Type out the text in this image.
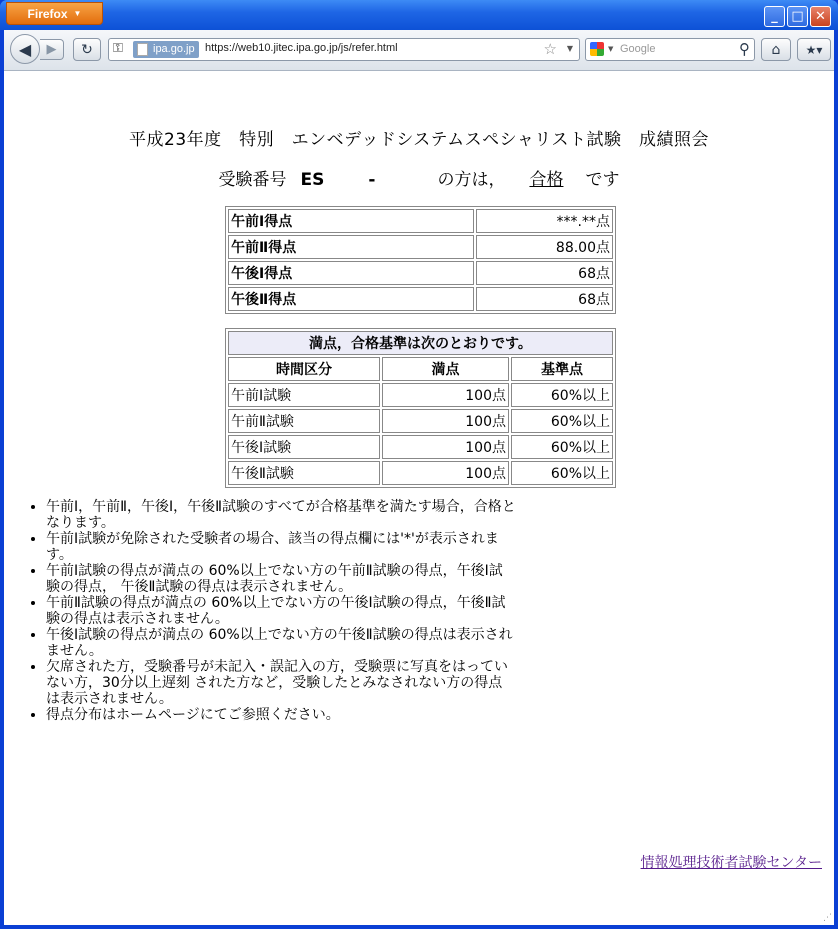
Firefox ▼	_	□ ✕
◀ ▶ ↻ ⚿	ipa.go.jp https://web10.jitec.ipa.go.jp/js/refer.html	☆ ▼	▼ Google	⚲ ⌂ ★▾
平成23年度　特別　エンベデッドシステムスペシャリスト試験　成績照会
受験番号 ES	-	の方は， 合格 です
午前Ⅰ得点	***.**点
午前Ⅱ得点	88.00点
午後Ⅰ得点	68点
午後Ⅱ得点	68点
満点，合格基準は次のとおりです。		
時間区分	満点	基準点
午前Ⅰ試験	100点	60%以上
午前Ⅱ試験	100点	60%以上
午後Ⅰ試験	100点	60%以上
午後Ⅱ試験	100点	60%以上
• 午前Ⅰ，午前Ⅱ，午後Ⅰ，午後Ⅱ試験のすべてが合格基準を満たす場合，合格となります。
• 午前Ⅰ試験が免除された受験者の場合、該当の得点欄には'*'が表示されます。
• 午前Ⅰ試験の得点が満点の 60%以上でない方の午前Ⅱ試験の得点，午後Ⅰ試験の得点， 午後Ⅱ試験の得点は表示されません。
• 午前Ⅱ試験の得点が満点の 60%以上でない方の午後Ⅰ試験の得点，午後Ⅱ試験の得点は表示されません。
• 午後Ⅰ試験の得点が満点の 60%以上でない方の午後Ⅱ試験の得点は表示されません。
• 欠席された方，受験番号が未記入・誤記入の方，受験票に写真をはっていない方，30分以上遅刻 された方など，受験したとみなされない方の得点は表示されません。
• 得点分布はホームページにてご参照ください。
情報処理技術者試験センター
⋰
